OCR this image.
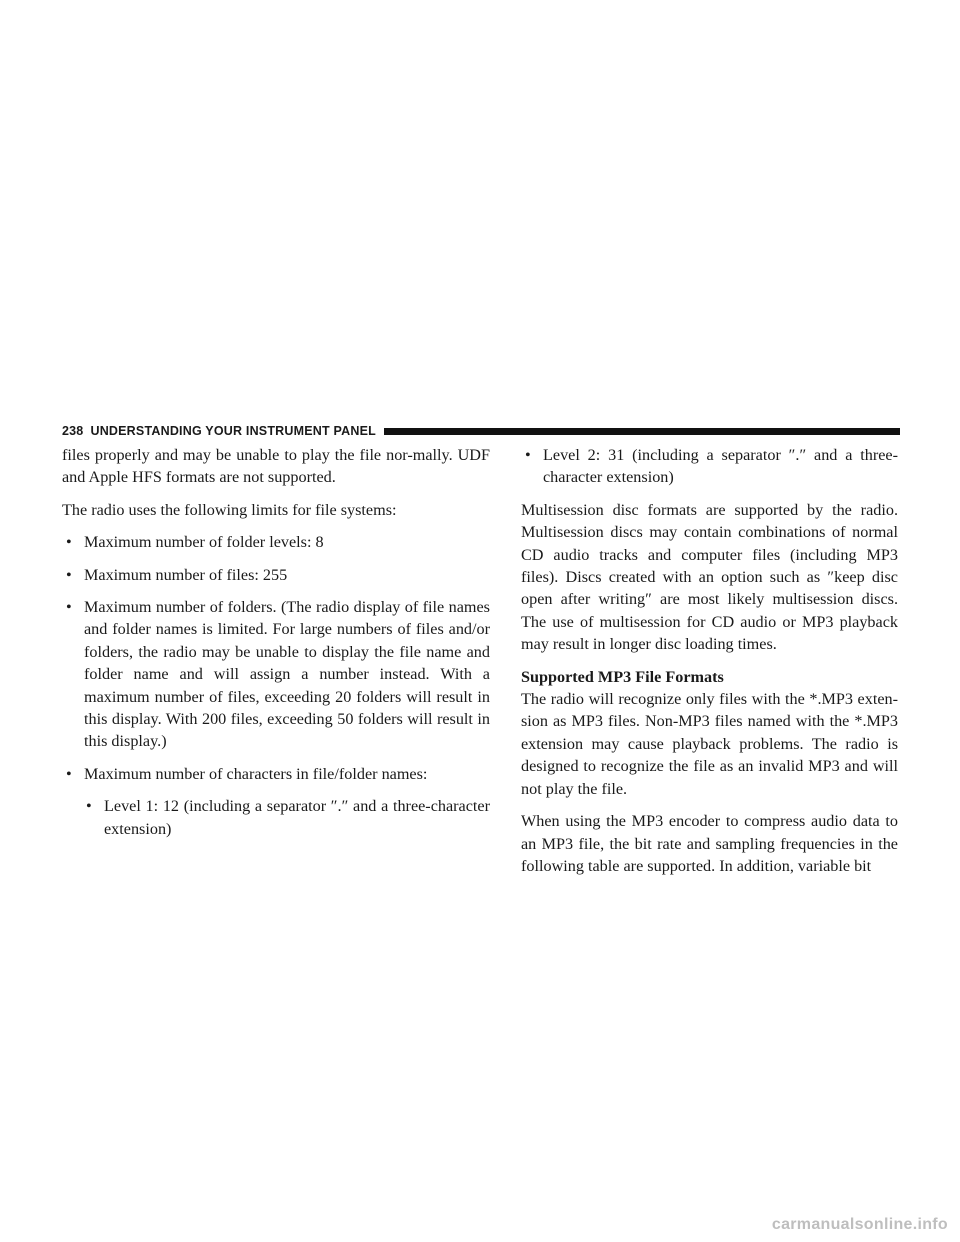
238 UNDERSTANDING YOUR INSTRUMENT PANEL

files properly and may be unable to play the file nor-mally. UDF and Apple HFS formats are not supported.

The radio uses the following limits for file systems:

• Maximum number of folder levels: 8
• Maximum number of files: 255
• Maximum number of folders. (The radio display of file names and folder names is limited. For large numbers of files and/or folders, the radio may be unable to display the file name and folder name and will assign a number instead. With a maximum number of files, exceeding 20 folders will result in this display. With 200 files, exceeding 50 folders will result in this display.)
• Maximum number of characters in file/folder names:
• Level 1: 12 (including a separator ″.″ and a three-character extension)
• Level 2: 31 (including a separator ″.″ and a three-character extension)

Multisession disc formats are supported by the radio. Multisession discs may contain combinations of normal CD audio tracks and computer files (including MP3 files). Discs created with an option such as ″keep disc open after writing″ are most likely multisession discs. The use of multisession for CD audio or MP3 playback may result in longer disc loading times.

Supported MP3 File Formats

The radio will recognize only files with the *.MP3 exten-sion as MP3 files. Non-MP3 files named with the *.MP3 extension may cause playback problems. The radio is designed to recognize the file as an invalid MP3 and will not play the file.

When using the MP3 encoder to compress audio data to an MP3 file, the bit rate and sampling frequencies in the following table are supported. In addition, variable bit

carmanualsonline.info
